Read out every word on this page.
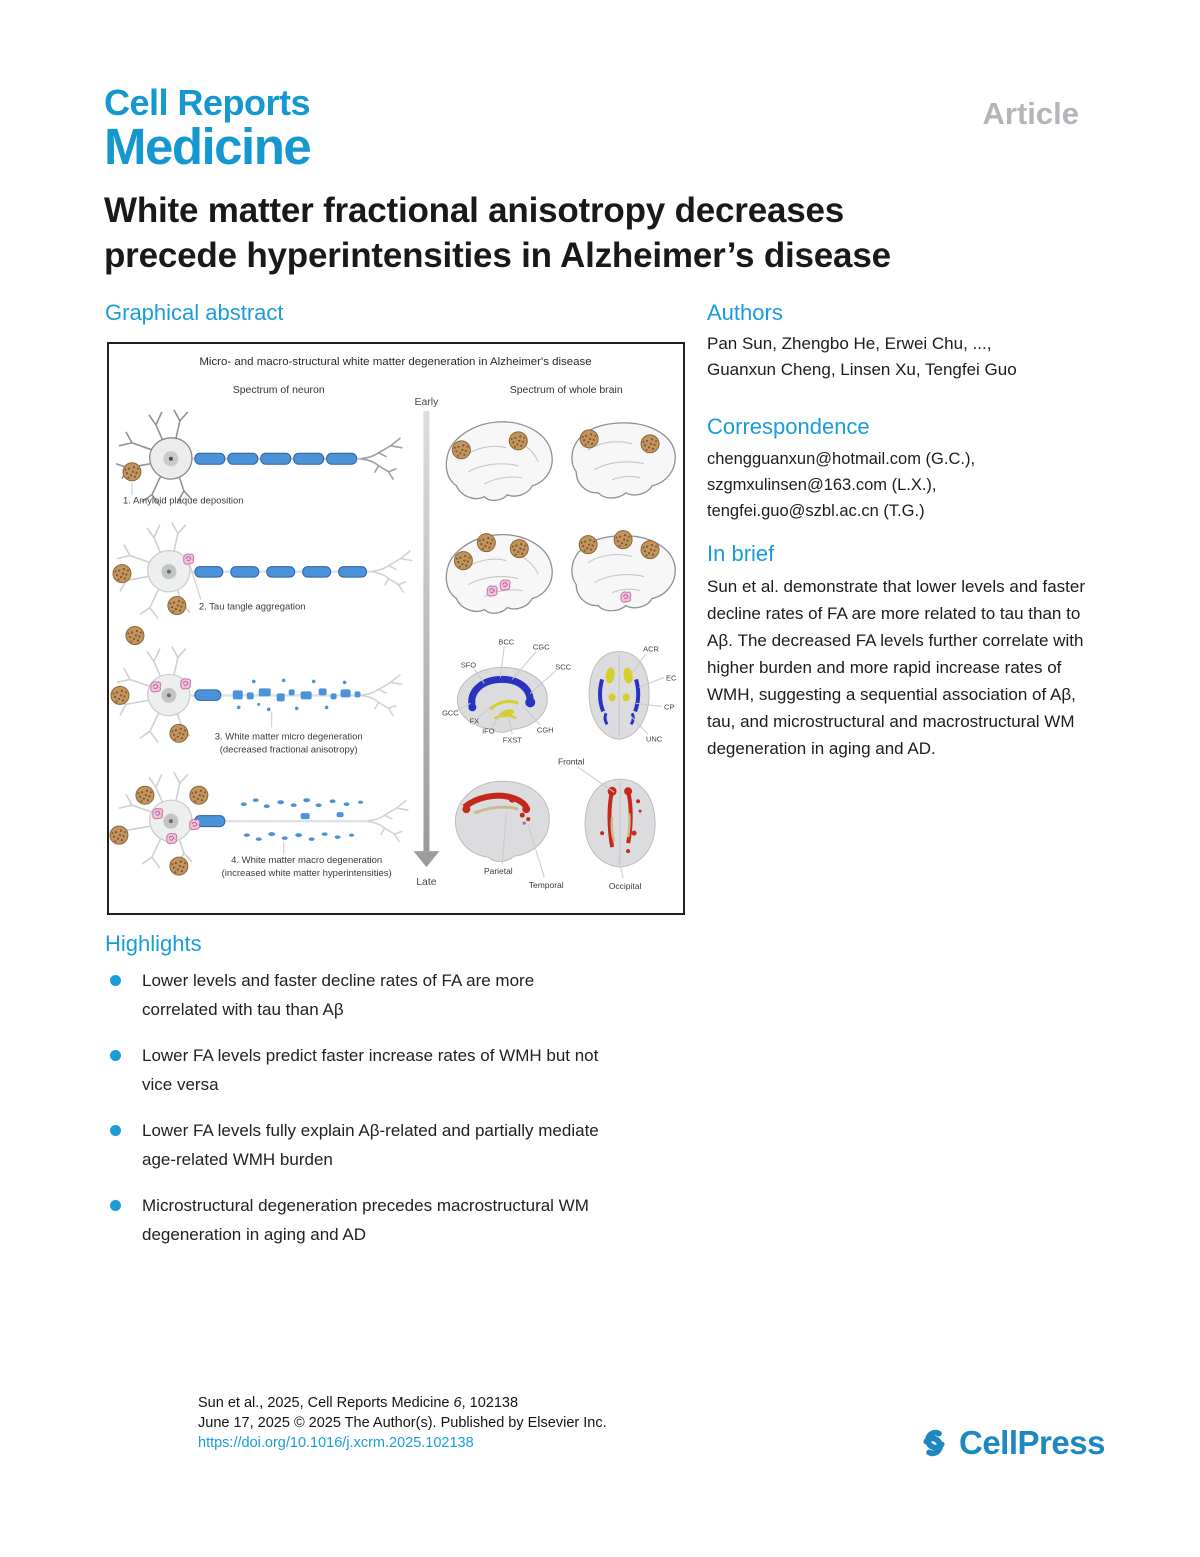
Cell Reports
Medicine
Article
White matter fractional anisotropy decreases
precede hyperintensities in Alzheimer’s disease
Graphical abstract	Authors
Correspondence
In brief
Highlights
Pan Sun, Zhengbo He, Erwei Chu, ...,
Guanxun Cheng, Linsen Xu, Tengfei Guo
chengguanxun@hotmail.com (G.C.),
szgmxulinsen@163.com (L.X.),
tengfei.guo@szbl.ac.cn (T.G.)
Sun et al. demonstrate that lower levels and faster decline rates of FA are more related to tau than to Aβ. The decreased FA levels further correlate with higher burden and more rapid increase rates of WMH, suggesting a sequential association of Aβ, tau, and microstructural and macrostructural WM degeneration in aging and AD.
Micro- and macro-structural white matter degeneration in Alzheimer's disease
Spectrum of neuron	Spectrum of whole brain
Early
Late
1. Amyloid plaque deposition
2. Tau tangle aggregation
3. White matter micro degeneration
(decreased fractional anisotropy)
4. White matter macro degeneration
(increased white matter hyperintensities)
BCC
CGC
SCC
SFO
GCC
FX
IFO
FXST
CGH
ACR
EC
CP
UNC
Frontal
Parietal
Temporal	Occipital
Lower levels and faster decline rates of FA are more
correlated with tau than Aβ
Lower FA levels predict faster increase rates of WMH but not
vice versa
Lower FA levels fully explain Aβ-related and partially mediate
age-related WMH burden
Microstructural degeneration precedes macrostructural WM
degeneration in aging and AD
Sun et al., 2025, Cell Reports Medicine 6, 102138
June 17, 2025 © 2025 The Author(s). Published by Elsevier Inc.
https://doi.org/10.1016/j.xcrm.2025.102138	CellPress
